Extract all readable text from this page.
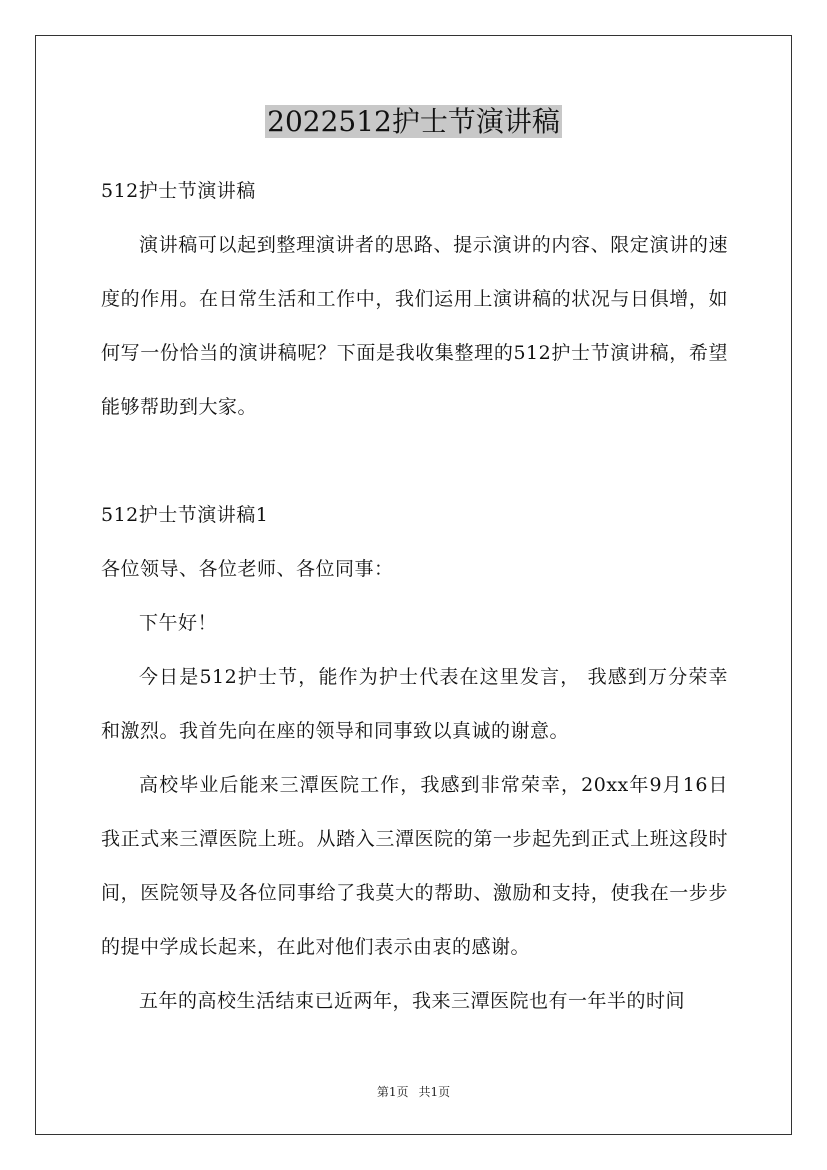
2022512护士节演讲稿

512护士节演讲稿

演讲稿可以起到整理演讲者的思路、提示演讲的内容、限定演讲的速度的作用。在日常生活和工作中，我们运用上演讲稿的状况与日俱增，如何写一份恰当的演讲稿呢？下面是我收集整理的512护士节演讲稿，希望能够帮助到大家。

512护士节演讲稿1

各位领导、各位老师、各位同事：

下午好！

今日是512护士节，能作为护士代表在这里发言， 我感到万分荣幸和激烈。我首先向在座的领导和同事致以真诚的谢意。

高校毕业后能来三潭医院工作，我感到非常荣幸，20xx年9月16日我正式来三潭医院上班。从踏入三潭医院的第一步起先到正式上班这段时间，医院领导及各位同事给了我莫大的帮助、激励和支持，使我在一步步的提中学成长起来，在此对他们表示由衷的感谢。

五年的高校生活结束已近两年，我来三潭医院也有一年半的时间

第1页 共1页
